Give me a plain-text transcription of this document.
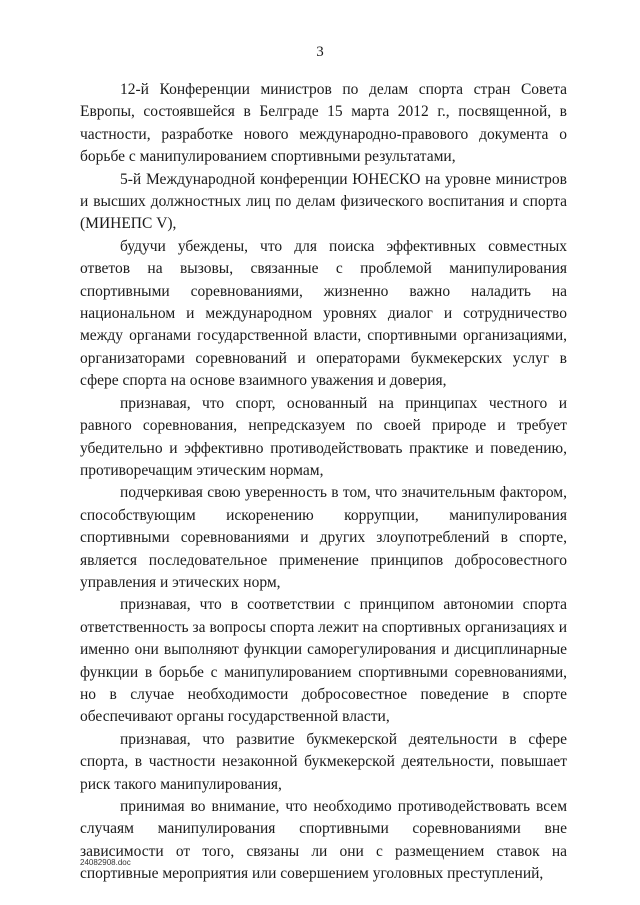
3

12-й Конференции министров по делам спорта стран Совета Европы, состоявшейся в Белграде 15 марта 2012 г., посвященной, в частности, разработке нового международно-правового документа о борьбе с манипулированием спортивными результатами,

5-й Международной конференции ЮНЕСКО на уровне министров и высших должностных лиц по делам физического воспитания и спорта (МИНЕПС V),

будучи убеждены, что для поиска эффективных совместных ответов на вызовы, связанные с проблемой манипулирования спортивными соревнованиями, жизненно важно наладить на национальном и международном уровнях диалог и сотрудничество между органами государственной власти, спортивными организациями, организаторами соревнований и операторами букмекерских услуг в сфере спорта на основе взаимного уважения и доверия,

признавая, что спорт, основанный на принципах честного и равного соревнования, непредсказуем по своей природе и требует убедительно и эффективно противодействовать практике и поведению, противоречащим этическим нормам,

подчеркивая свою уверенность в том, что значительным фактором, способствующим искоренению коррупции, манипулирования спортивными соревнованиями и других злоупотреблений в спорте, является последовательное применение принципов добросовестного управления и этических норм,

признавая, что в соответствии с принципом автономии спорта ответственность за вопросы спорта лежит на спортивных организациях и именно они выполняют функции саморегулирования и дисциплинарные функции в борьбе с манипулированием спортивными соревнованиями, но в случае необходимости добросовестное поведение в спорте обеспечивают органы государственной власти,

признавая, что развитие букмекерской деятельности в сфере спорта, в частности незаконной букмекерской деятельности, повышает риск такого манипулирования,

принимая во внимание, что необходимо противодействовать всем случаям манипулирования спортивными соревнованиями вне зависимости от того, связаны ли они с размещением ставок на спортивные мероприятия или совершением уголовных преступлений,

24082908.doc
